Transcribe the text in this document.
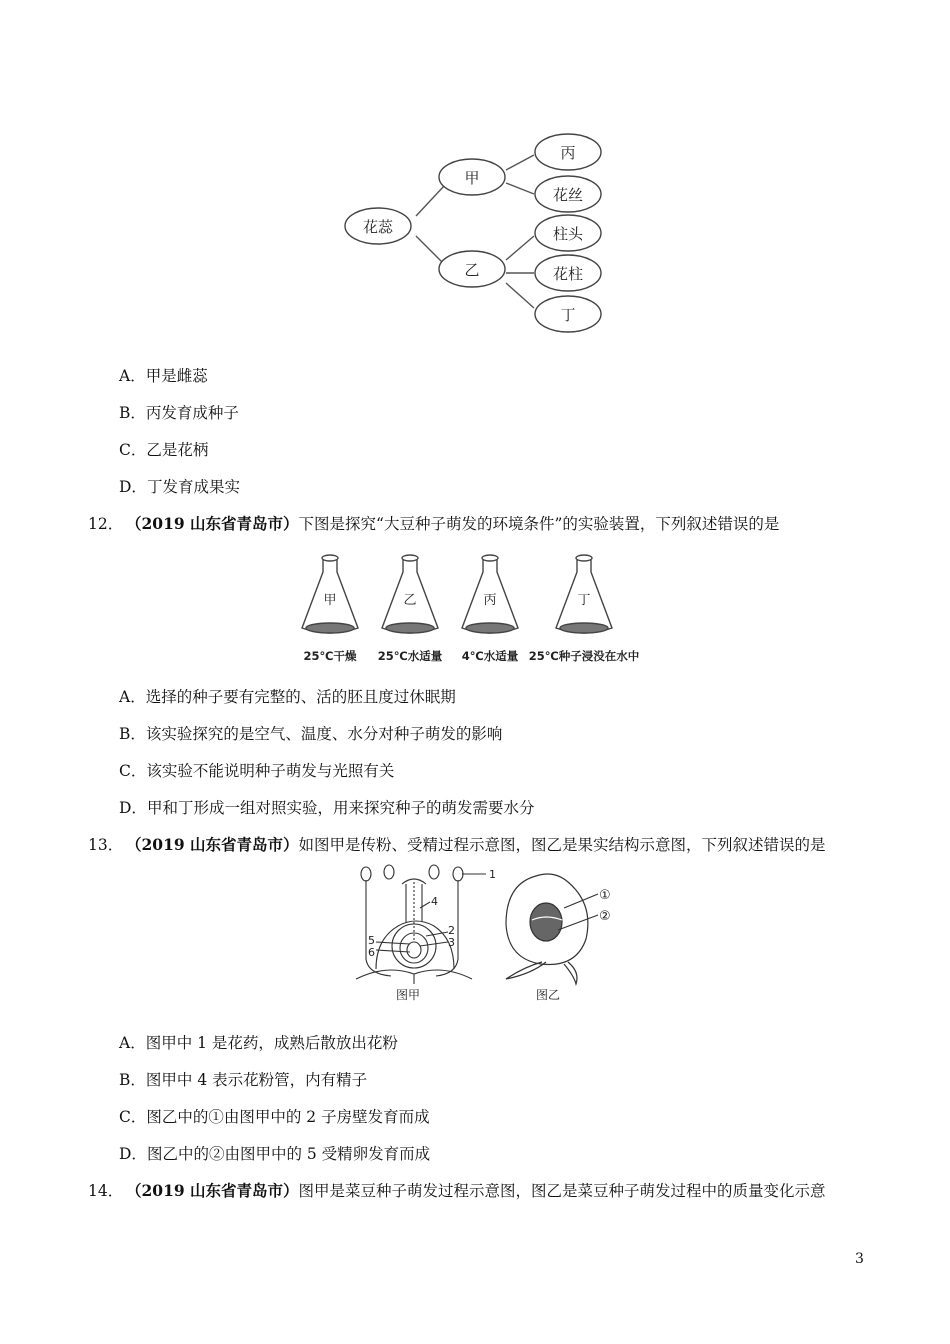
花蕊
甲
乙
丙
花丝
柱头
花柱
丁
A．甲是雌蕊
B．丙发育成种子
C．乙是花柄
D．丁发育成果实
12． （2019 山东省青岛市）下图是探究“大豆种子萌发的环境条件”的实验装置，下列叙述错误的是
甲	乙	丙	丁
25℃干燥 25℃水适量 4℃水适量 25℃种子浸没在水中
A．选择的种子要有完整的、活的胚且度过休眠期
B．该实验探究的是空气、温度、水分对种子萌发的影响
C．该实验不能说明种子萌发与光照有关
D．甲和丁形成一组对照实验，用来探究种子的萌发需要水分
13． （2019 山东省青岛市）如图甲是传粉、受精过程示意图，图乙是果实结构示意图，下列叙述错误的是
1
2
3
4
5
6
图甲
①
②
图乙
A．图甲中 1 是花药，成熟后散放出花粉
B．图甲中 4 表示花粉管，内有精子
C．图乙中的①由图甲中的 2 子房壁发育而成
D．图乙中的②由图甲中的 5 受精卵发育而成
14． （2019 山东省青岛市）图甲是菜豆种子萌发过程示意图，图乙是菜豆种子萌发过程中的质量变化示意
3
